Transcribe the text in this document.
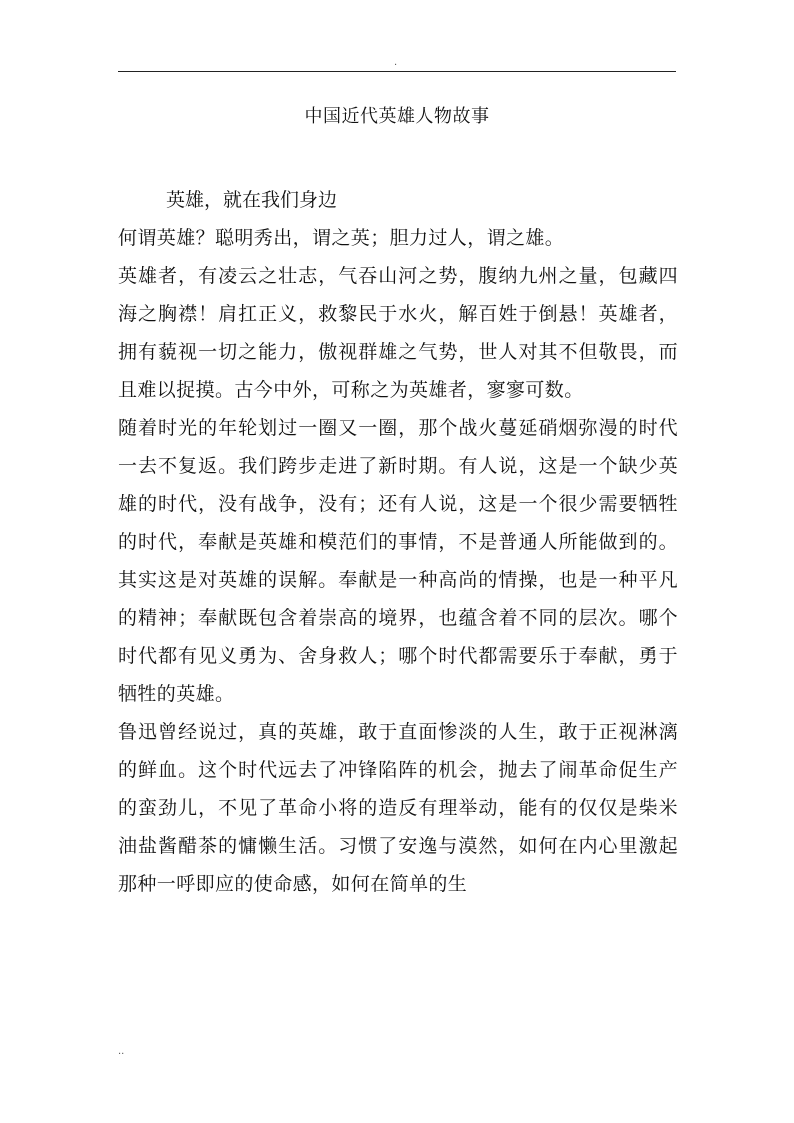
.
中国近代英雄人物故事

英雄，就在我们身边

何谓英雄？聪明秀出，谓之英；胆力过人，谓之雄。

英雄者，有凌云之壮志，气吞山河之势，腹纳九州之量，包藏四海之胸襟！肩扛正义，救黎民于水火，解百姓于倒悬！英雄者，拥有藐视一切之能力，傲视群雄之气势，世人对其不但敬畏，而且难以捉摸。古今中外，可称之为英雄者，寥寥可数。

随着时光的年轮划过一圈又一圈，那个战火蔓延硝烟弥漫的时代一去不复返。我们跨步走进了新时期。有人说，这是一个缺少英雄的时代，没有战争，没有；还有人说，这是一个很少需要牺牲的时代，奉献是英雄和模范们的事情，不是普通人所能做到的。其实这是对英雄的误解。奉献是一种高尚的情操，也是一种平凡的精神；奉献既包含着崇高的境界，也蕴含着不同的层次。哪个时代都有见义勇为、舍身救人；哪个时代都需要乐于奉献，勇于牺牲的英雄。

鲁迅曾经说过，真的英雄，敢于直面惨淡的人生，敢于正视淋漓的鲜血。这个时代远去了冲锋陷阵的机会，抛去了闹革命促生产的蛮劲儿，不见了革命小将的造反有理举动，能有的仅仅是柴米油盐酱醋茶的慵懒生活。习惯了安逸与漠然，如何在内心里激起那种一呼即应的使命感，如何在简单的生

..
